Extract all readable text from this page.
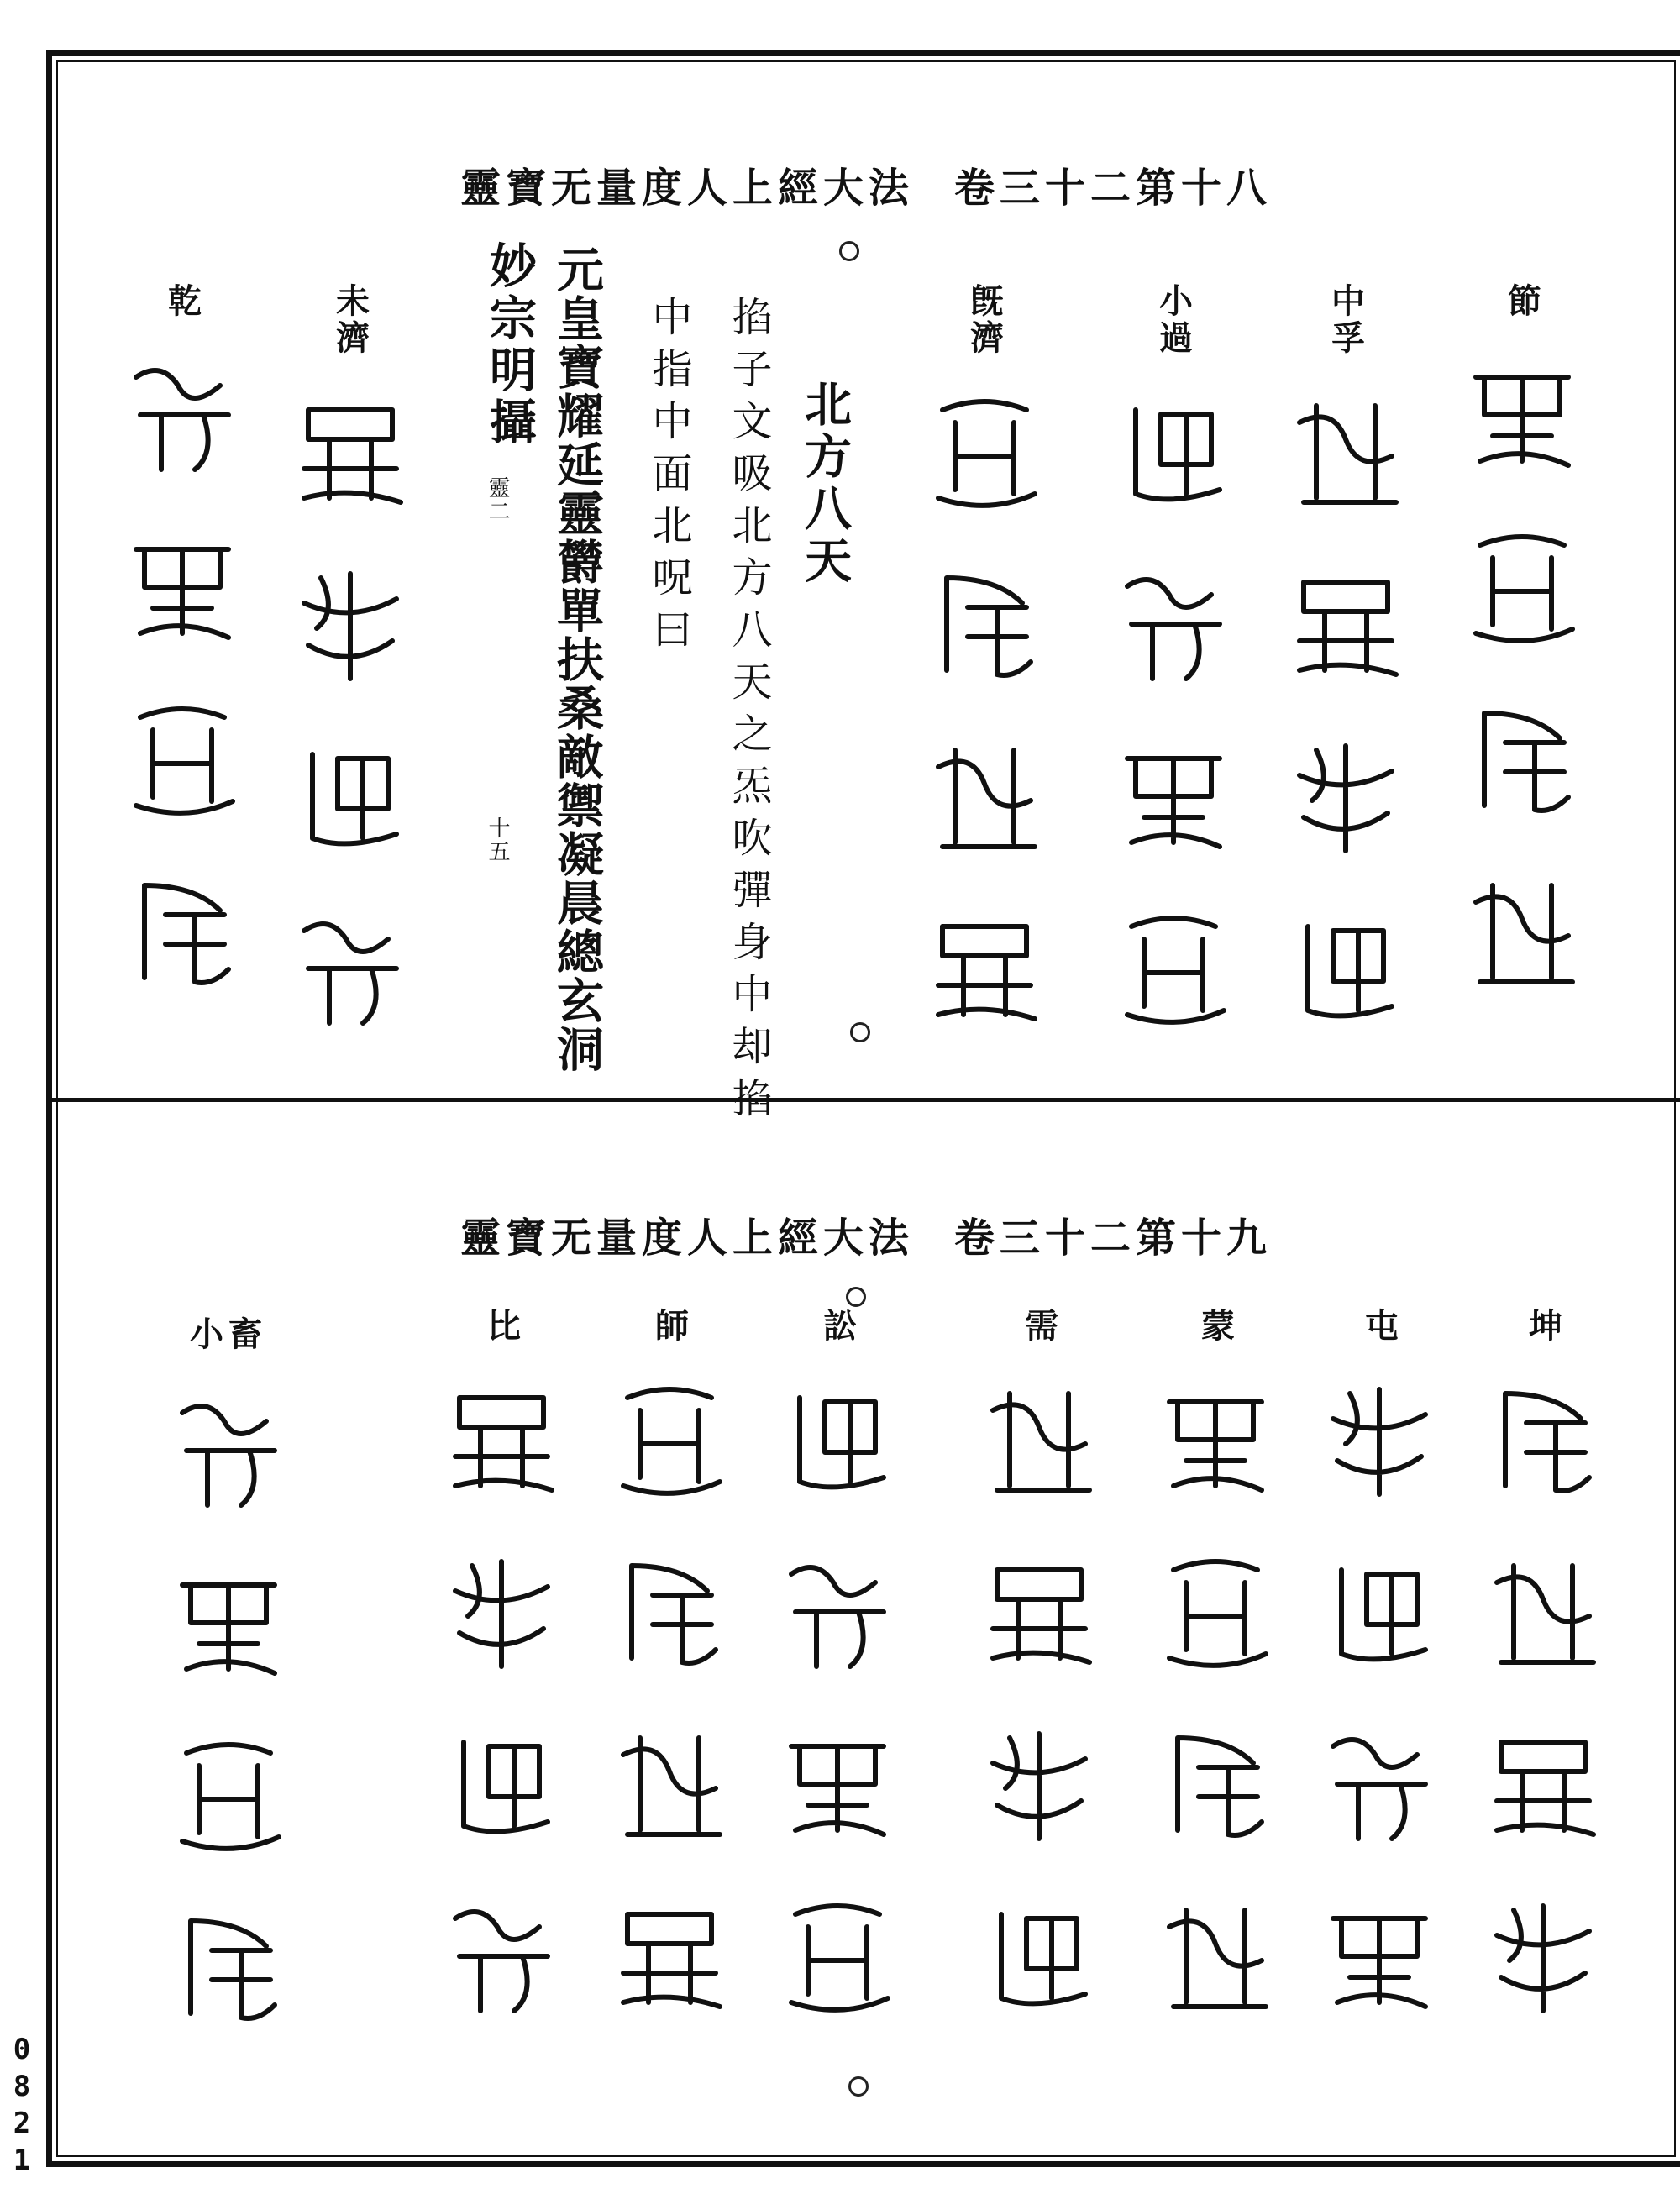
靈寶无量度人上經大法 卷三十二第十八
節
中孚
小過
旣濟
北方八天
掐子文吸北方八天之炁吹彈身中却掐
中指中面北呪曰
元皇寶耀延靈欝單扶桑敵禦凝晨總玄洞
妙宗明攝
靈二
十五
未濟
乾
靈寶无量度人上經大法 卷三十二第十九
坤
屯
蒙
需
訟
師
比
小畜
0821
